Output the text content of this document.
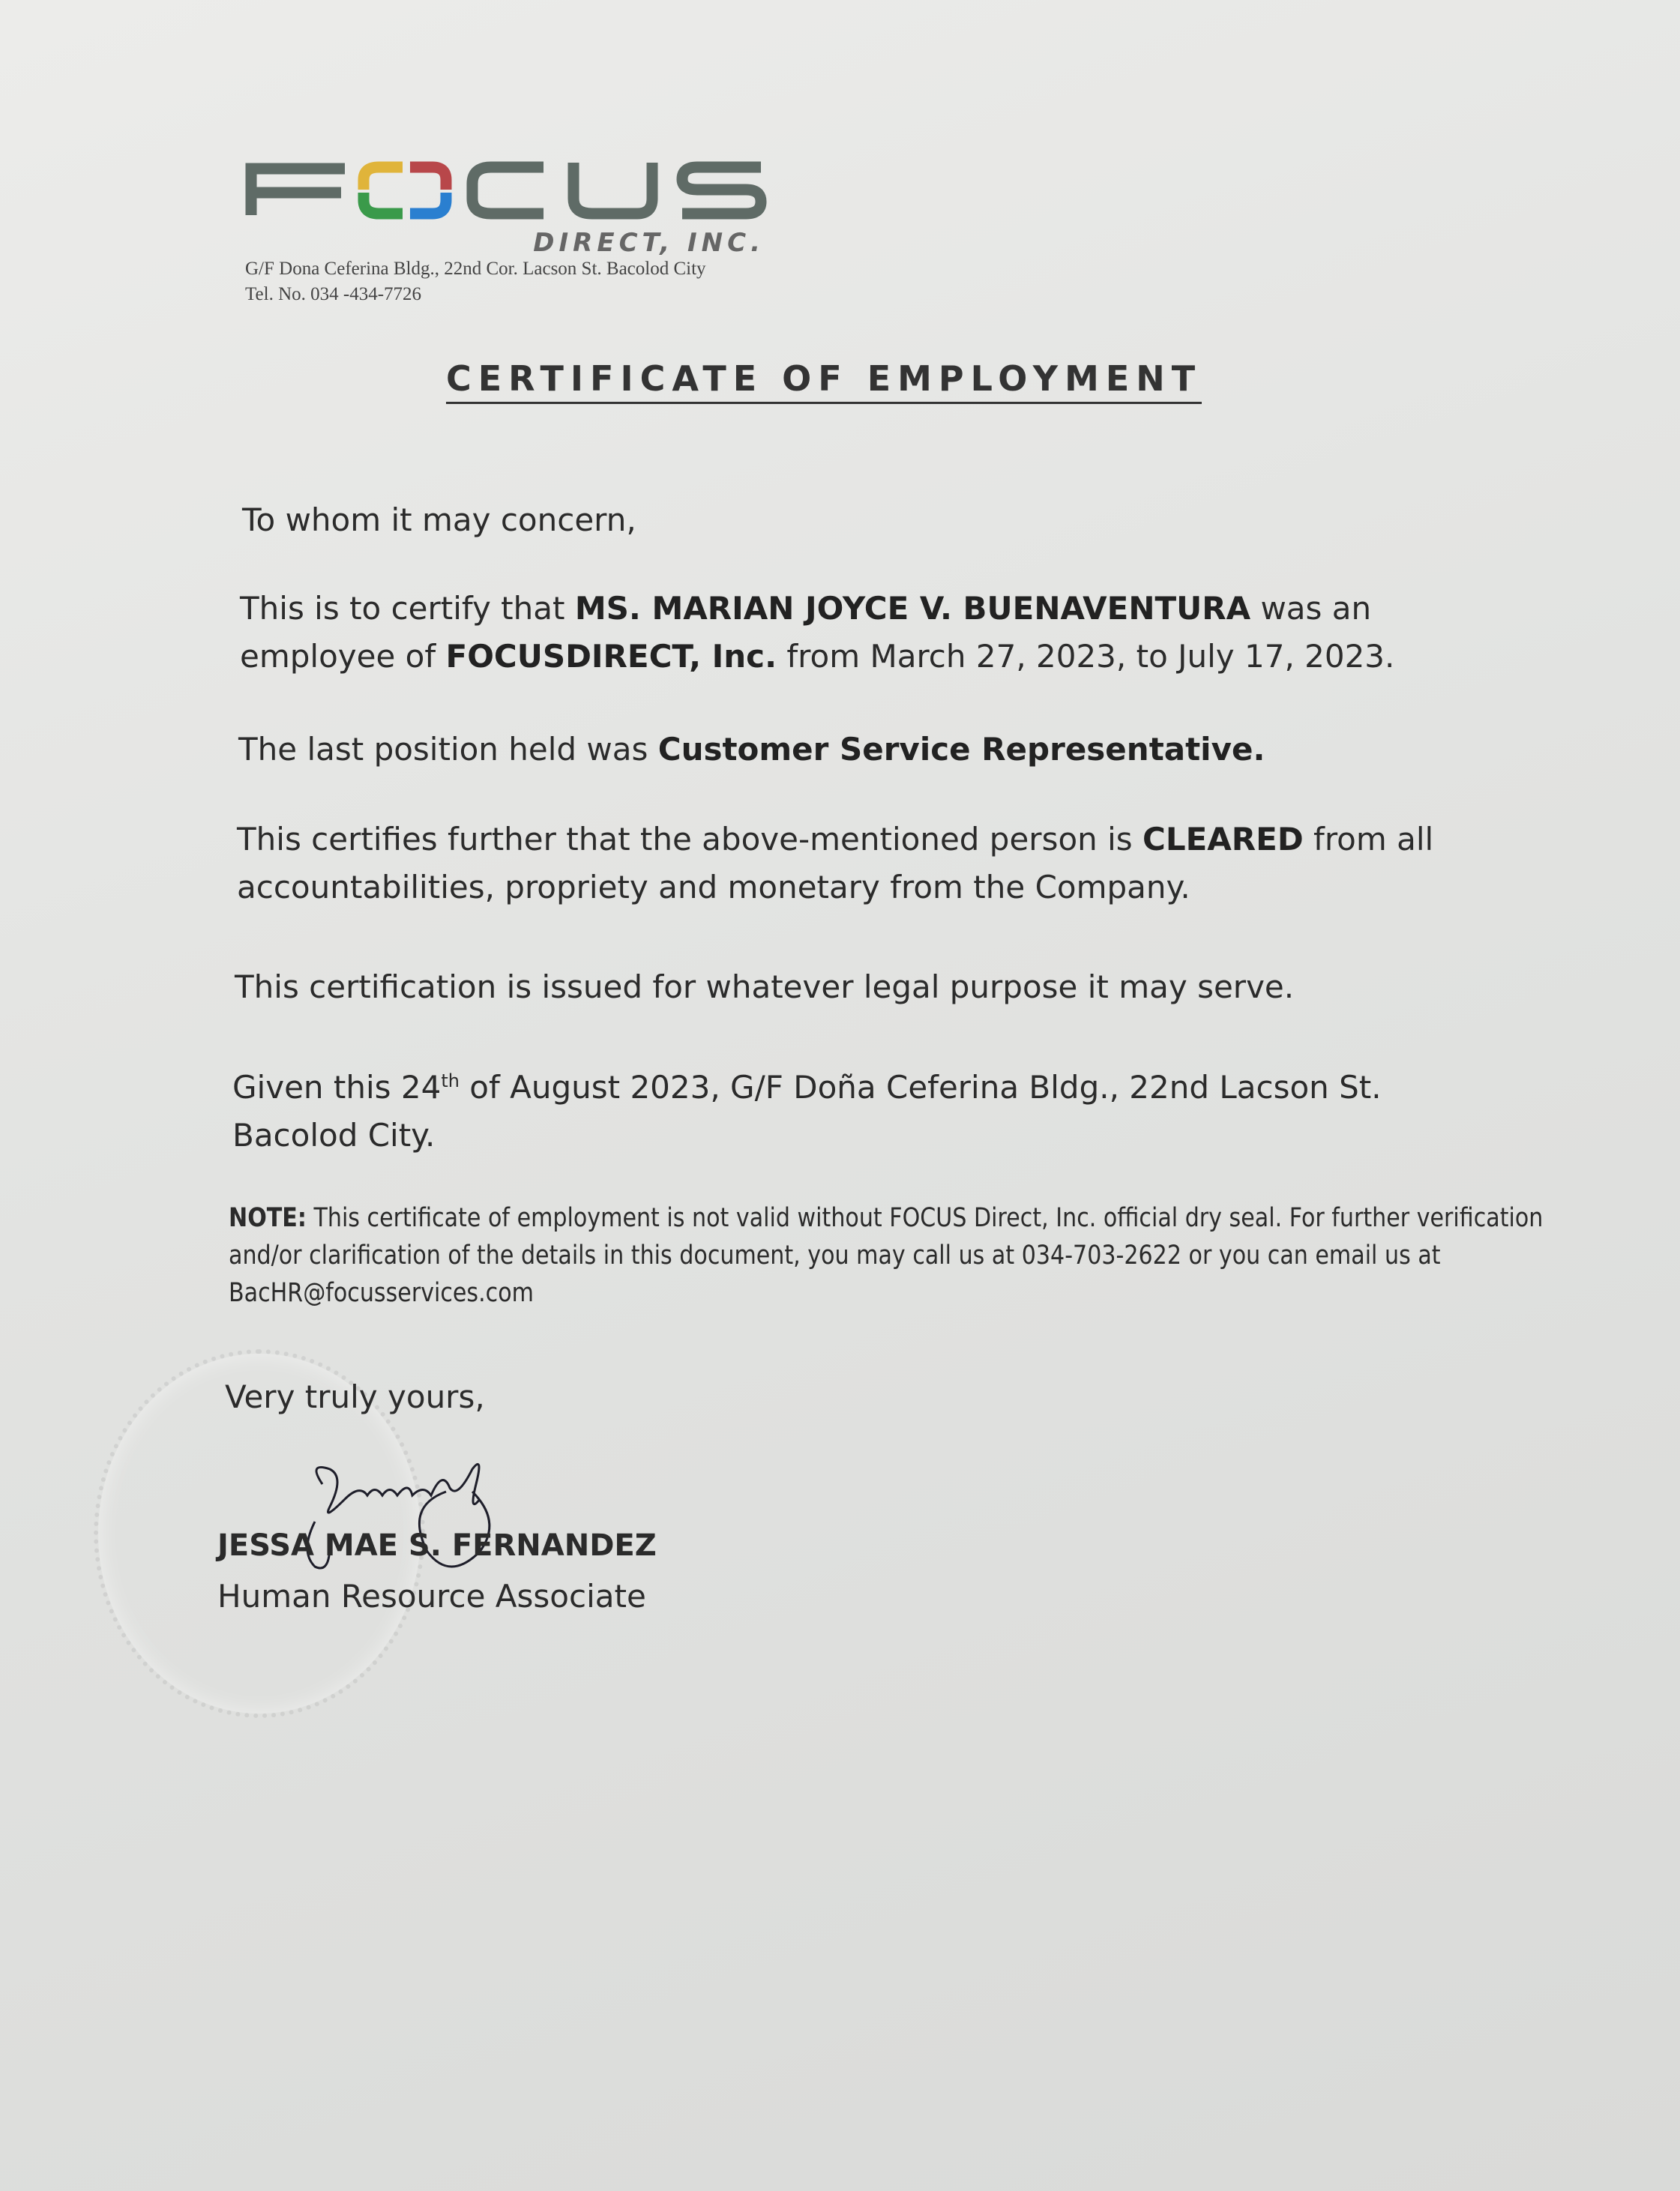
DIRECT, INC.
G/F Dona Ceferina Bldg., 22nd Cor. Lacson St. Bacolod City
Tel. No. 034 -434-7726
CERTIFICATE OF EMPLOYMENT
To whom it may concern,
This is to certify that MS. MARIAN JOYCE V. BUENAVENTURA was an employee of FOCUSDIRECT, Inc. from March 27, 2023, to July 17, 2023.
The last position held was Customer Service Representative.
This certifies further that the above-mentioned person is CLEARED from all accountabilities, propriety and monetary from the Company.
This certification is issued for whatever legal purpose it may serve.
Given this 24th of August 2023, G/F Doña Ceferina Bldg., 22nd Lacson St. Bacolod City.
NOTE: This certificate of employment is not valid without FOCUS Direct, Inc. official dry seal. For further verification and/or clarification of the details in this document, you may call us at 034-703-2622 or you can email us at BacHR@focusservices.com
Very truly yours,
JESSA MAE S. FERNANDEZ
Human Resource Associate
